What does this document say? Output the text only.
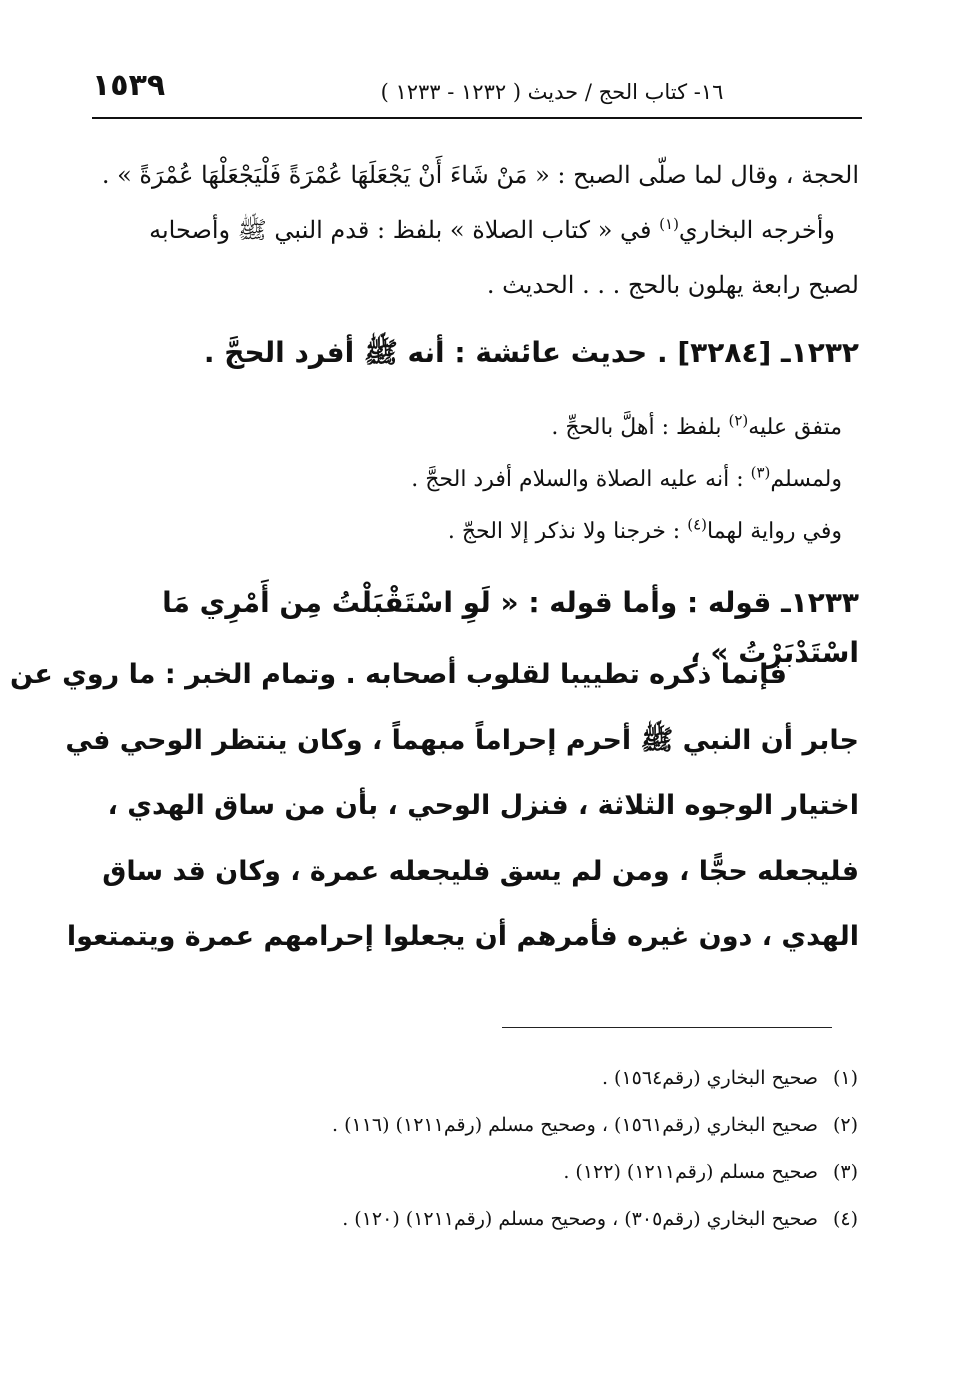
١٥٣٩	١٦- كتاب الحج / حديث ( ١٢٣٢ - ١٢٣٣ )
الحجة ، وقال لما صلّى الصبح : « مَنْ شَاءَ أَنْ يَجْعَلَهَا عُمْرَةً فَلْيَجْعَلْهَا عُمْرَةً » .
وأخرجه البخاري$^{(١)}$ في « كتاب الصلاة » بلفظ : قدم النبي ﷺ وأصحابه
لصبح رابعة يهلون بالحج . . . الحديث .
١٢٣٢ـ [٣٢٨٤] . حديث عائشة : أنه ﷺ أفرد الحجَّ .
متفق عليه$^{(٢)}$ بلفظ : أهلَّ بالحجِّ .
ولمسلم$^{(٣)}$ : أنه عليه الصلاة والسلام أفرد الحجَّ .
وفي رواية لهما$^{(٤)}$ : خرجنا ولا نذكر إلا الحجّ .
١٢٣٣ـ قوله : وأما قوله : « لَوِ اسْتَقْبَلْتُ مِن أَمْرِي مَا اسْتَدْبَرْتُ » ،
فإنما ذكره تطييبا لقلوب أصحابه . وتمام الخبر : ما روي عن
جابر أن النبي ﷺ أحرم إحراماً مبهماً ، وكان ينتظر الوحي في
اختيار الوجوه الثلاثة ، فنزل الوحي ، بأن من ساق الهدي ،
فليجعله حجًّا ، ومن لم يسق فليجعله عمرة ، وكان قد ساق
الهدي ، دون غيره فأمرهم أن يجعلوا إحرامهم عمرة ويتمتعوا
(١)صحيح البخاري (رقم١٥٦٤) .
(٢)صحيح البخاري (رقم١٥٦١) ، وصحيح مسلم (رقم١٢١١) (١١٦) .
(٣)صحيح مسلم (رقم١٢١١) (١٢٢) .
(٤)صحيح البخاري (رقم٣٠٥) ، وصحيح مسلم (رقم١٢١١) (١٢٠) .
